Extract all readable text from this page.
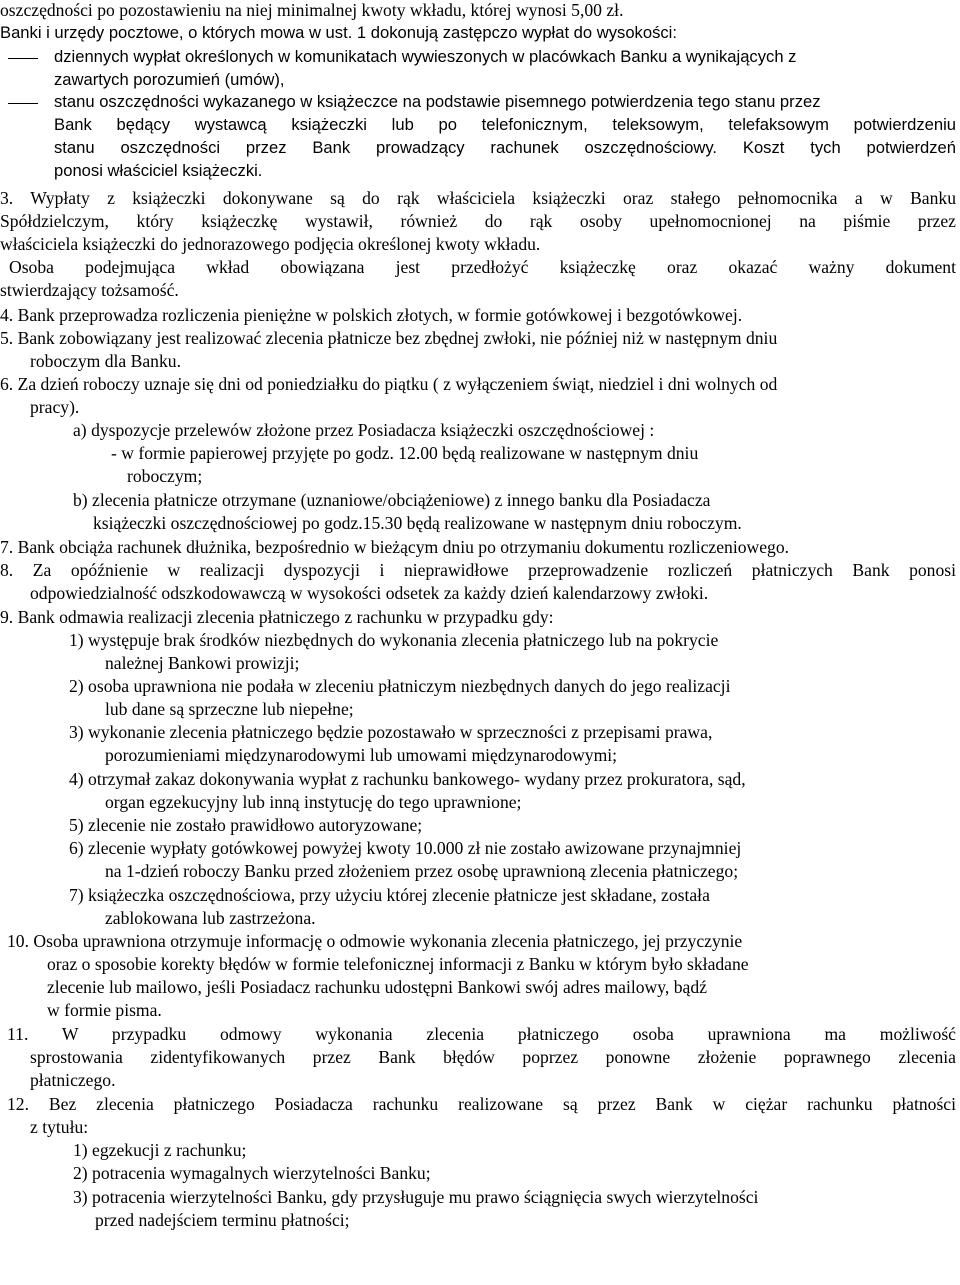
oszczędności po pozostawieniu na niej minimalnej kwoty wkładu, której wynosi 5,00 zł.
Banki i urzędy pocztowe, o których mowa w ust. 1 dokonują zastępczo wypłat do wysokości:
dziennych wypłat określonych w komunikatach wywieszonych w placówkach Banku a wynikających z
zawartych porozumień (umów),
stanu oszczędności wykazanego w książeczce na podstawie pisemnego potwierdzenia tego stanu przez
Bank będący wystawcą książeczki lub po telefonicznym, teleksowym, telefaksowym potwierdzeniu
stanu oszczędności przez Bank prowadzący rachunek oszczędnościowy. Koszt tych potwierdzeń
ponosi właściciel książeczki.
3. Wypłaty z książeczki dokonywane są do rąk właściciela książeczki oraz stałego pełnomocnika a w Banku
Spółdzielczym, który książeczkę wystawił, również do rąk osoby upełnomocnionej na piśmie przez
właściciela książeczki do jednorazowego podjęcia określonej kwoty wkładu.
Osoba podejmująca wkład obowiązana jest przedłożyć książeczkę oraz okazać ważny dokument
stwierdzający tożsamość.
4. Bank przeprowadza rozliczenia pieniężne w polskich złotych, w formie gotówkowej i bezgotówkowej.
5. Bank zobowiązany jest realizować zlecenia płatnicze bez zbędnej zwłoki, nie później niż w następnym dniu
roboczym dla Banku.
6. Za dzień roboczy uznaje się dni od poniedziałku do piątku ( z wyłączeniem świąt, niedziel i dni wolnych od
pracy).
a) dyspozycje przelewów złożone przez Posiadacza książeczki oszczędnościowej :
- w formie papierowej przyjęte po godz. 12.00 będą realizowane w następnym dniu
roboczym;
b) zlecenia płatnicze otrzymane (uznaniowe/obciążeniowe) z innego banku dla Posiadacza
książeczki oszczędnościowej po godz.15.30 będą realizowane w następnym dniu roboczym.
7. Bank obciąża rachunek dłużnika, bezpośrednio w bieżącym dniu po otrzymaniu dokumentu rozliczeniowego.
8. Za opóźnienie w realizacji dyspozycji i nieprawidłowe przeprowadzenie rozliczeń płatniczych Bank ponosi
odpowiedzialność odszkodowawczą w wysokości odsetek za każdy dzień kalendarzowy zwłoki.
9. Bank odmawia realizacji zlecenia płatniczego z rachunku w przypadku gdy:
1) występuje brak środków niezbędnych do wykonania zlecenia płatniczego lub na pokrycie
należnej Bankowi prowizji;
2) osoba uprawniona nie podała w zleceniu płatniczym niezbędnych danych do jego realizacji
lub dane są sprzeczne lub niepełne;
3) wykonanie zlecenia płatniczego będzie pozostawało w sprzeczności z przepisami prawa,
porozumieniami międzynarodowymi lub umowami międzynarodowymi;
4) otrzymał zakaz dokonywania wypłat z rachunku bankowego- wydany przez prokuratora, sąd,
organ egzekucyjny lub inną instytucję do tego uprawnione;
5) zlecenie nie zostało prawidłowo autoryzowane;
6) zlecenie wypłaty gotówkowej powyżej kwoty 10.000 zł nie zostało awizowane przynajmniej
na 1-dzień roboczy Banku przed złożeniem przez osobę uprawnioną zlecenia płatniczego;
7) książeczka oszczędnościowa, przy użyciu której zlecenie płatnicze jest składane, została
zablokowana lub zastrzeżona.
10. Osoba uprawniona otrzymuje informację o odmowie wykonania zlecenia płatniczego, jej przyczynie
oraz o sposobie korekty błędów w formie telefonicznej informacji z Banku w którym było składane
zlecenie lub mailowo, jeśli Posiadacz rachunku udostępni Bankowi swój adres mailowy, bądź
w formie pisma.
11. W przypadku odmowy wykonania zlecenia płatniczego osoba uprawniona ma możliwość
sprostowania zidentyfikowanych przez Bank błędów poprzez ponowne złożenie poprawnego zlecenia
płatniczego.
12. Bez zlecenia płatniczego Posiadacza rachunku realizowane są przez Bank w ciężar rachunku płatności
z tytułu:
1) egzekucji z rachunku;
2) potracenia wymagalnych wierzytelności Banku;
3) potracenia wierzytelności Banku, gdy przysługuje mu prawo ściągnięcia swych wierzytelności
przed nadejściem terminu płatności;
